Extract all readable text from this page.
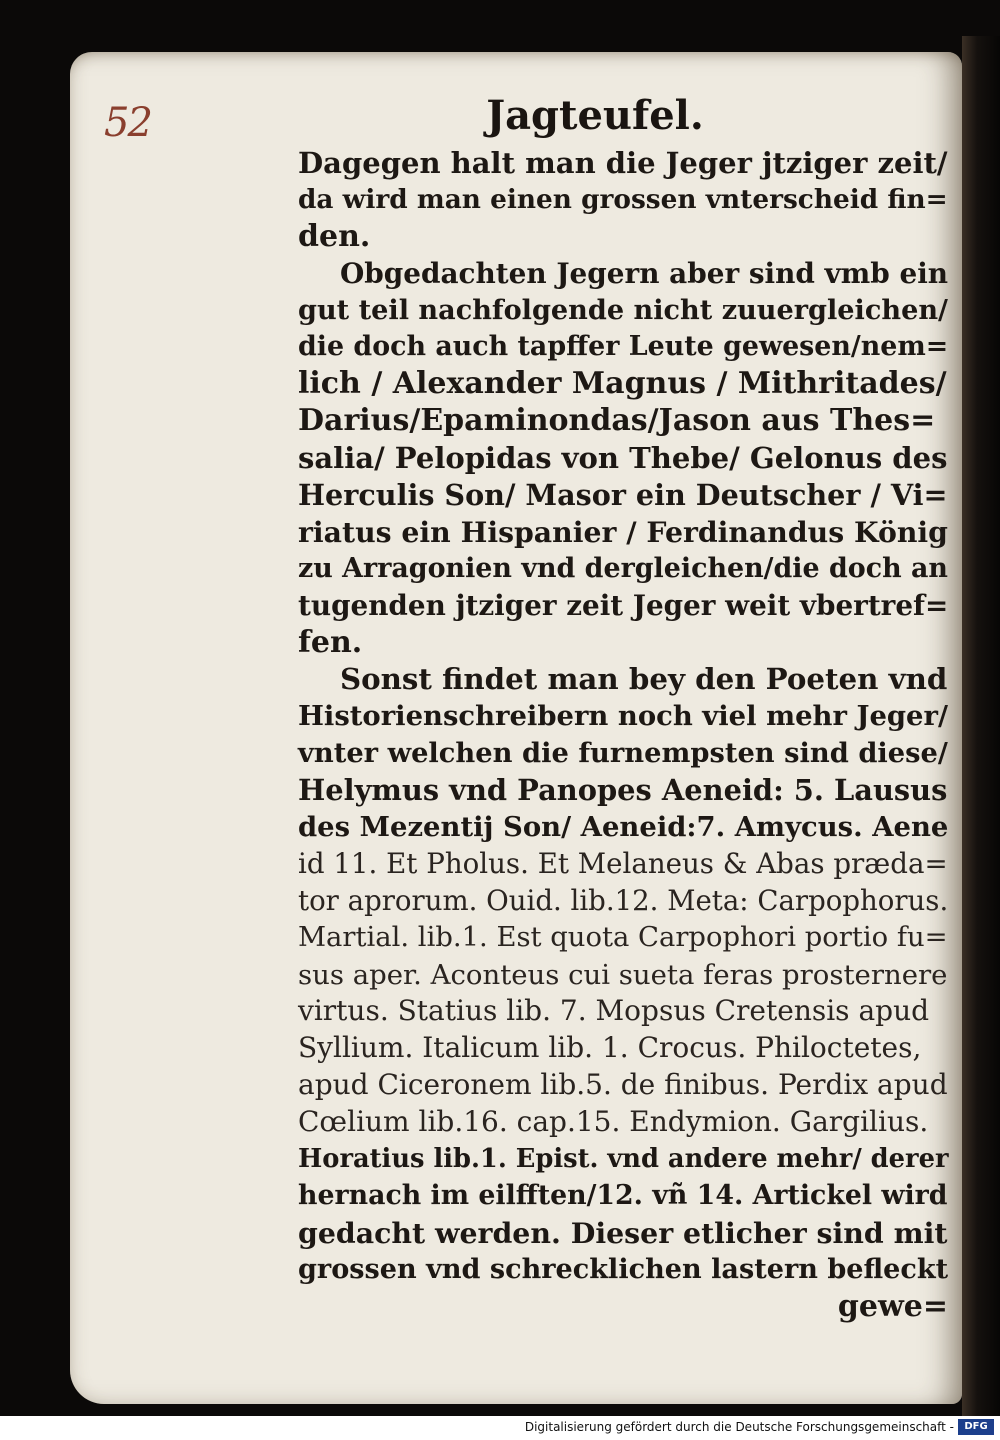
52	Jagteufel.
Dagegen halt man die Jeger jtziger zeit/
da wird man einen grossen vnterscheid fin=
den.
Obgedachten Jegern aber sind vmb ein
gut teil nachfolgende nicht zuuergleichen/
die doch auch tapffer Leute gewesen/nem=
lich / Alexander Magnus / Mithritades/
Darius/Epaminondas/Jason aus Thes=
salia/ Pelopidas von Thebe/ Gelonus des
Herculis Son/ Masor ein Deutscher / Vi=
riatus ein Hispanier / Ferdinandus König
zu Arragonien vnd dergleichen/die doch an
tugenden jtziger zeit Jeger weit vbertref=
fen.
Sonst findet man bey den Poeten vnd
Historienschreibern noch viel mehr Jeger/
vnter welchen die furnempsten sind diese/
Helymus vnd Panopes Aeneid: 5. Lausus
des Mezentij Son/ Aeneid:7. Amycus. Aene
id 11. Et Pholus. Et Melaneus & Abas præda=
tor aprorum. Ouid. lib.12. Meta: Carpophorus.
Martial. lib.1. Est quota Carpophori portio fu=
sus aper. Aconteus cui sueta feras prosternere
virtus. Statius lib. 7. Mopsus Cretensis apud
Syllium. Italicum lib. 1. Crocus. Philoctetes,
apud Ciceronem lib.5. de finibus. Perdix apud
Cœlium lib.16. cap.15. Endymion. Gargilius.
Horatius lib.1. Epist. vnd andere mehr/ derer
hernach im eilfften/12. vñ 14. Artickel wird
gedacht werden. Dieser etlicher sind mit
grossen vnd schrecklichen lastern befleckt
gewe=
Digitalisierung gefördert durch die Deutsche Forschungsgemeinschaft -	DFG
